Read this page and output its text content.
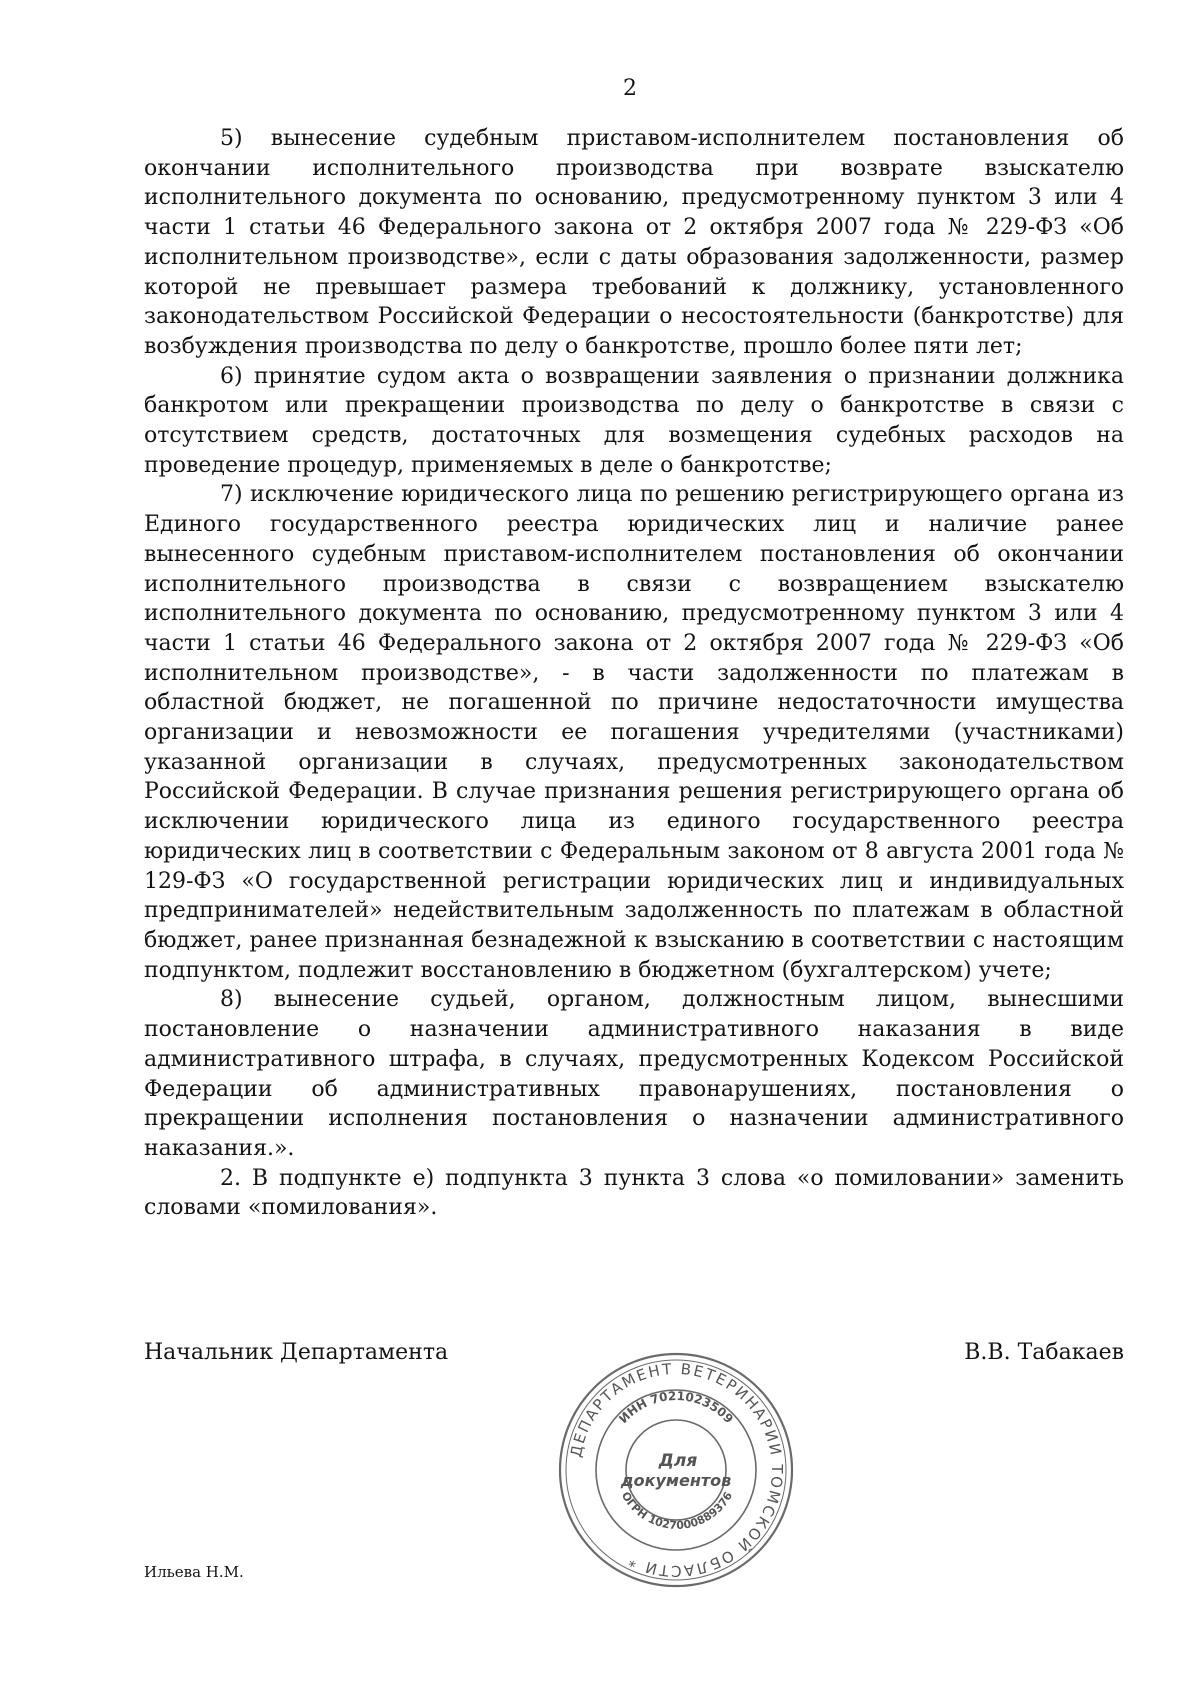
2

5) вынесение судебным приставом-исполнителем постановления об окончании исполнительного производства при возврате взыскателю исполнительного документа по основанию, предусмотренному пунктом 3 или 4 части 1 статьи 46 Федерального закона от 2 октября 2007 года № 229-ФЗ «Об исполнительном производстве», если с даты образования задолженности, размер которой не превышает размера требований к должнику, установленного законодательством Российской Федерации о несостоятельности (банкротстве) для возбуждения производства по делу о банкротстве, прошло более пяти лет;

6) принятие судом акта о возвращении заявления о признании должника банкротом или прекращении производства по делу о банкротстве в связи с отсутствием средств, достаточных для возмещения судебных расходов на проведение процедур, применяемых в деле о банкротстве;

7) исключение юридического лица по решению регистрирующего органа из Единого государственного реестра юридических лиц и наличие ранее вынесенного судебным приставом-исполнителем постановления об окончании исполнительного производства в связи с возвращением взыскателю исполнительного документа по основанию, предусмотренному пунктом 3 или 4 части 1 статьи 46 Федерального закона от 2 октября 2007 года № 229-ФЗ «Об исполнительном производстве», - в части задолженности по платежам в областной бюджет, не погашенной по причине недостаточности имущества организации и невозможности ее погашения учредителями (участниками) указанной организации в случаях, предусмотренных законодательством Российской Федерации. В случае признания решения регистрирующего органа об исключении юридического лица из единого государственного реестра юридических лиц в соответствии с Федеральным законом от 8 августа 2001 года № 129-ФЗ «О государственной регистрации юридических лиц и индивидуальных предпринимателей» недействительным задолженность по платежам в областной бюджет, ранее признанная безнадежной к взысканию в соответствии с настоящим подпунктом, подлежит восстановлению в бюджетном (бухгалтерском) учете;

8) вынесение судьей, органом, должностным лицом, вынесшими постановление о назначении административного наказания в виде административного штрафа, в случаях, предусмотренных Кодексом Российской Федерации об административных правонарушениях, постановления о прекращении исполнения постановления о назначении административного наказания.».

2. В подпункте е) подпункта 3 пункта 3 слова «о помиловании» заменить словами «помилования».

Начальник Департамента	В.В. Табакаев
ДЕПАРТАМЕНТ ВЕТЕРИНАРИИ ТОМСКОЙ ОБЛАСТИ *
ИНН 7021023509
ОГРН 1027000889376
Для
документов
Ильева Н.М.
